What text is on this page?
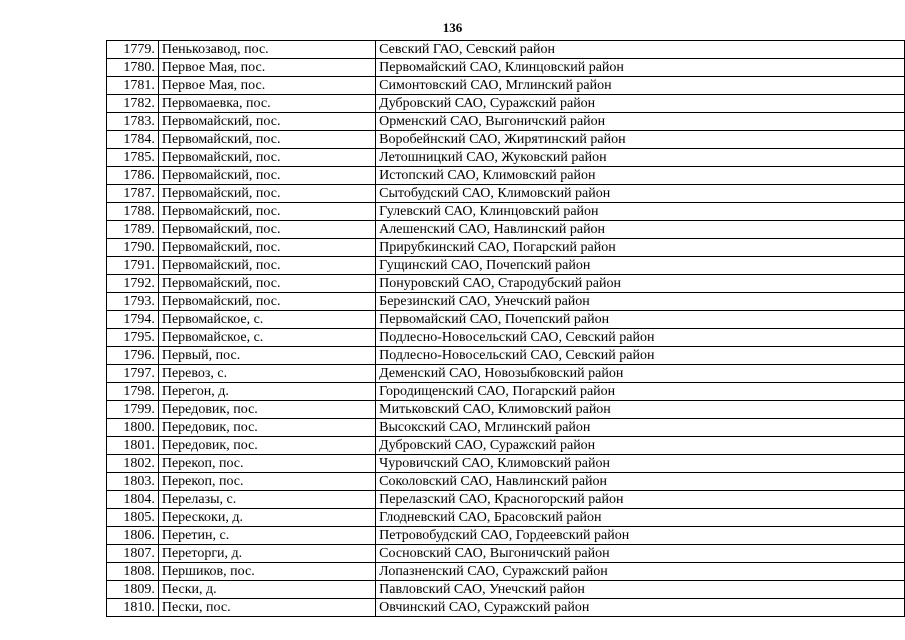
136
1779.	Пенькозавод, пос.	Севский ГАО, Севский район
1780.	Первое Мая, пос.	Первомайский САО, Клинцовский район
1781.	Первое Мая, пос.	Симонтовский САО, Мглинский район
1782.	Первомаевка, пос.	Дубровский САО, Суражский район
1783.	Первомайский, пос.	Орменский САО, Выгоничский район
1784.	Первомайский, пос.	Воробейнский САО, Жирятинский район
1785.	Первомайский, пос.	Летошницкий САО, Жуковский район
1786.	Первомайский, пос.	Истопский САО, Климовский район
1787.	Первомайский, пос.	Сытобудский САО, Климовский район
1788.	Первомайский, пос.	Гулевский САО, Клинцовский район
1789.	Первомайский, пос.	Алешенский САО, Навлинский район
1790.	Первомайский, пос.	Прирубкинский САО, Погарский район
1791.	Первомайский, пос.	Гущинский САО, Почепский район
1792.	Первомайский, пос.	Понуровский САО, Стародубский район
1793.	Первомайский, пос.	Березинский САО, Унечский район
1794.	Первомайское, с.	Первомайский САО, Почепский район
1795.	Первомайское, с.	Подлесно-Новосельский САО, Севский район
1796.	Первый, пос.	Подлесно-Новосельский САО, Севский район
1797.	Перевоз, с.	Деменский САО, Новозыбковский район
1798.	Перегон, д.	Городищенский САО, Погарский район
1799.	Передовик, пос.	Митьковский САО, Климовский район
1800.	Передовик, пос.	Высокский САО, Мглинский район
1801.	Передовик, пос.	Дубровский САО, Суражский район
1802.	Перекоп, пос.	Чуровичский САО, Климовский район
1803.	Перекоп, пос.	Соколовский САО, Навлинский район
1804.	Перелазы, с.	Перелазский САО, Красногорский район
1805.	Перескоки, д.	Глодневский САО, Брасовский район
1806.	Перетин, с.	Петровобудский САО, Гордеевский район
1807.	Переторги, д.	Сосновский САО, Выгоничский район
1808.	Першиков, пос.	Лопазненский САО, Суражский район
1809.	Пески, д.	Павловский САО, Унечский район
1810.	Пески, пос.	Овчинский САО, Суражский район
